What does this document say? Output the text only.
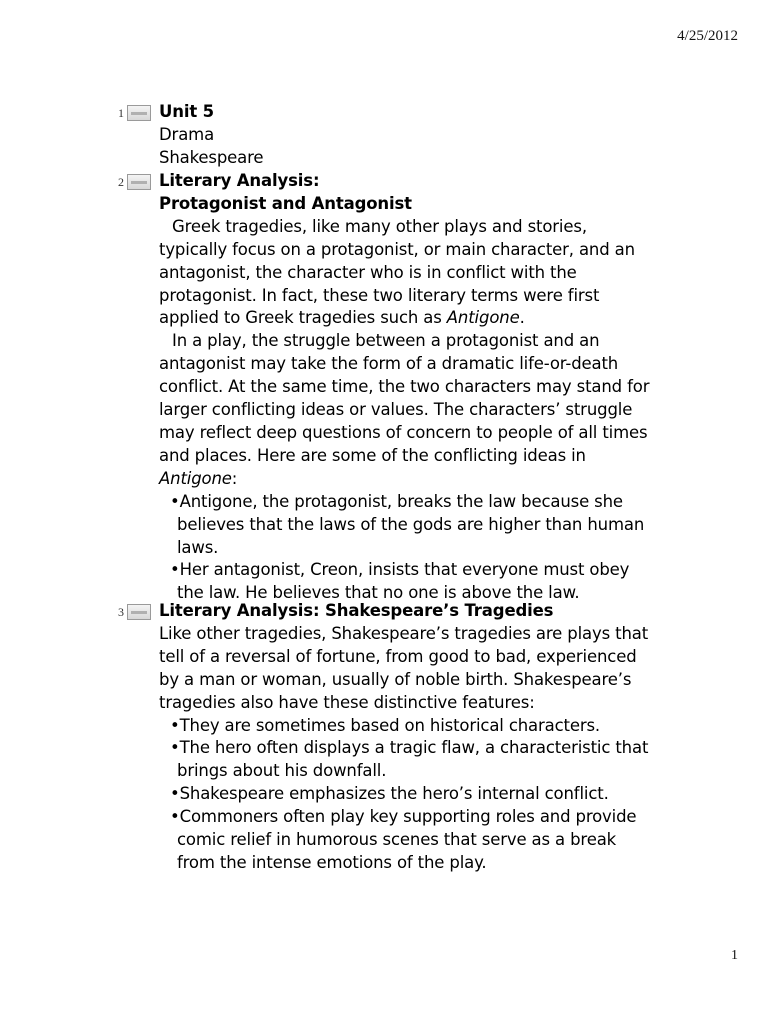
4/25/2012
1 Unit 5
Drama
Shakespeare
2 Literary Analysis:
Protagonist and Antagonist
Greek tragedies, like many other plays and stories,
typically focus on a protagonist, or main character, and an
antagonist, the character who is in conflict with the
protagonist. In fact, these two literary terms were first
applied to Greek tragedies such as Antigone.
In a play, the struggle between a protagonist and an
antagonist may take the form of a dramatic life-or-death
conflict. At the same time, the two characters may stand for
larger conflicting ideas or values. The characters’ struggle
may reflect deep questions of concern to people of all times
and places. Here are some of the conflicting ideas in
Antigone:
•Antigone, the protagonist, breaks the law because she
believes that the laws of the gods are higher than human
laws.
•Her antagonist, Creon, insists that everyone must obey
the law. He believes that no one is above the law.
3 Literary Analysis: Shakespeare’s Tragedies
Like other tragedies, Shakespeare’s tragedies are plays that
tell of a reversal of fortune, from good to bad, experienced
by a man or woman, usually of noble birth. Shakespeare’s
tragedies also have these distinctive features:
•They are sometimes based on historical characters.
•The hero often displays a tragic flaw, a characteristic that
brings about his downfall.
•Shakespeare emphasizes the hero’s internal conflict.
•Commoners often play key supporting roles and provide
comic relief in humorous scenes that serve as a break
from the intense emotions of the play.
1
